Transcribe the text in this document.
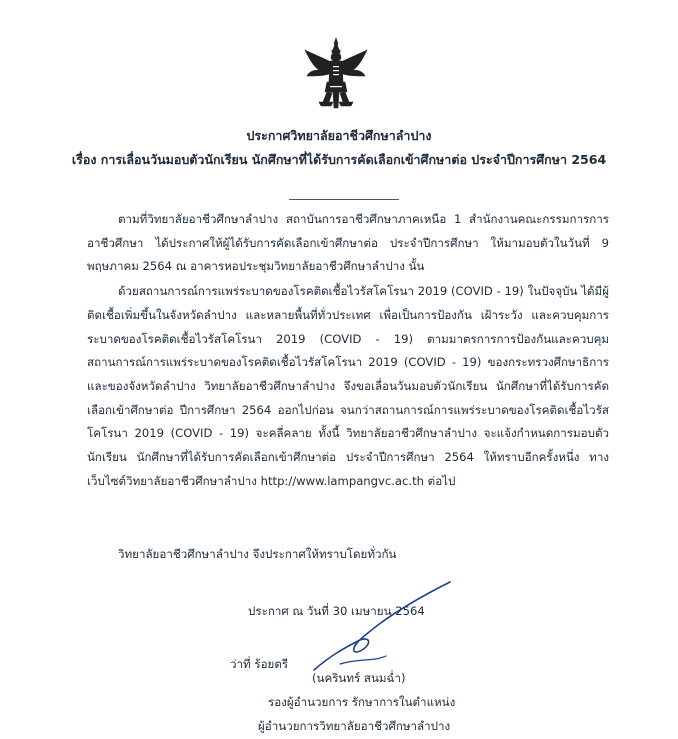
ประกาศวิทยาลัยอาชีวศึกษาลำปาง
เรื่อง การเลื่อนวันมอบตัวนักเรียน นักศึกษาที่ได้รับการคัดเลือกเข้าศึกษาต่อ ประจำปีการศึกษา 2564

ตามที่วิทยาลัยอาชีวศึกษาลำปาง สถาบันการอาชีวศึกษาภาคเหนือ 1 สำนักงานคณะกรรมการการอาชีวศึกษา ได้ประกาศให้ผู้ได้รับการคัดเลือกเข้าศึกษาต่อ ประจำปีการศึกษา ให้มามอบตัวในวันที่ 9 พฤษภาคม 2564 ณ อาคารหอประชุมวิทยาลัยอาชีวศึกษาลำปาง นั้น

ด้วยสถานการณ์การแพร่ระบาดของโรคติดเชื้อไวรัสโคโรนา 2019 (COVID - 19) ในปัจจุบัน ได้มีผู้ติดเชื้อเพิ่มขึ้นในจังหวัดลำปาง และหลายพื้นที่ทั่วประเทศ เพื่อเป็นการป้องกัน เฝ้าระวัง และควบคุมการระบาดของโรคติดเชื้อไวรัสโคโรนา 2019 (COVID - 19) ตามมาตรการการป้องกันและควบคุมสถานการณ์การแพร่ระบาดของโรคติดเชื้อไวรัสโคโรนา 2019 (COVID - 19) ของกระทรวงศึกษาธิการ และของจังหวัดลำปาง วิทยาลัยอาชีวศึกษาลำปาง จึงขอเลื่อนวันมอบตัวนักเรียน นักศึกษาที่ได้รับการคัดเลือกเข้าศึกษาต่อ ปีการศึกษา 2564 ออกไปก่อน จนกว่าสถานการณ์การแพร่ระบาดของโรคติดเชื้อไวรัสโคโรนา 2019 (COVID - 19) จะคลี่คลาย ทั้งนี้ วิทยาลัยอาชีวศึกษาลำปาง จะแจ้งกำหนดการมอบตัวนักเรียน นักศึกษาที่ได้รับการคัดเลือกเข้าศึกษาต่อ ประจำปีการศึกษา 2564 ให้ทราบอีกครั้งหนึ่ง ทางเว็บไซต์วิทยาลัยอาชีวศึกษาลำปาง http://www.lampangvc.ac.th ต่อไป

วิทยาลัยอาชีวศึกษาลำปาง จึงประกาศให้ทราบโดยทั่วกัน
ประกาศ ณ วันที่ 30 เมษายน 2564
ว่าที่ ร้อยตรี
(นครินทร์ สนมฉ่ำ)
รองผู้อำนวยการ รักษาการในตำแหน่ง
ผู้อำนวยการวิทยาลัยอาชีวศึกษาลำปาง
